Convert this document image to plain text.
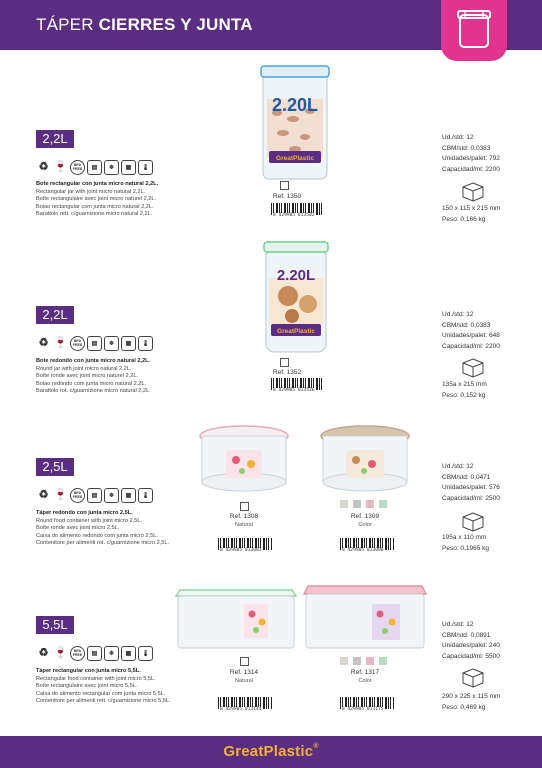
TÁPER CIERRES Y JUNTA
2,2L
♻ 🍷	BPA FREE	▤	❄	▦	🌡
Bote rectangular con junta micro natural 2,2L.
Rectangular jar with joint micro natural 2,2L.
Boîte rectangulaire avec joint micro naturel 2,2L.
Boiao rectangular com junta micro natural 2,2L.
Barattolo rett. c/guarnizione micro natural 2,2L.
GreatPlastic
2.20L
Ref. 1350
8 429905 013502
Ud./std: 12
CBM/std: 0,0383
Unidades/palet: 792
Capacidad/ml: 2200
150 x 115 x 215 mm
Peso: 0,166 kg
2,2L
♻ 🍷	BPA FREE	▤	❄	▦	🌡
Bote redondo con junta micro natural 2,2L.
Round jar with joint micro natural 2,2L.
Boîte ronde avec joint micro naturel 2,2L.
Boiao redondo com junta micro natural 2,2L.
Barattolo rot. c/guarnizione micro natural 2,2L.
GreatPlastic
2.20L
Ref. 1352
8 429905 013526
Ud./std: 12
CBM/std: 0,0383
Unidades/palet: 648
Capacidad/ml: 2200
135a x 215 mm
Peso: 0,152 kg
2,5L
♻ 🍷	BPA FREE	▤	❄	▦	🌡
Táper redondo con junta micro 2,5L.
Round food container with joint micro 2,5L.
Boîte ronde avec joint micro 2,5L.
Caixa do alimento redondo com junta micro 2,5L.
Contenitore per alimenti rot. c/guarnizione micro 2,5L.
Ref. 1308
Natural
8 429905 013083
Ref. 1309
Color
8 429905 013090
Ud./std: 12
CBM/std: 0,0471
Unidades/palet: 576
Capacidad/ml: 2500
195a x 110 mm
Peso: 0,1965 kg
5,5L
♻ 🍷	BPA FREE	▤	❄	▦	🌡
Táper rectangular con junta micro 5,5L.
Rectangular food container with joint micro 5,5L.
Boîte rectangulaire avec joint micro 5,5L.
Caixa do alimento rectangular com junta micro 5,5L.
Contenitore per alimenti rett. c/guarnizione micro 5,5L.
Ref. 1314
Natural
8 429905 013144
Ref. 1317
Color
8 429905 013175
Ud./std: 12
CBM/std: 0,0891
Unidades/palet: 240
Capacidad/ml: 5500
290 x 225 x 115 mm
Peso: 0,469 kg
GreatPlastic®
